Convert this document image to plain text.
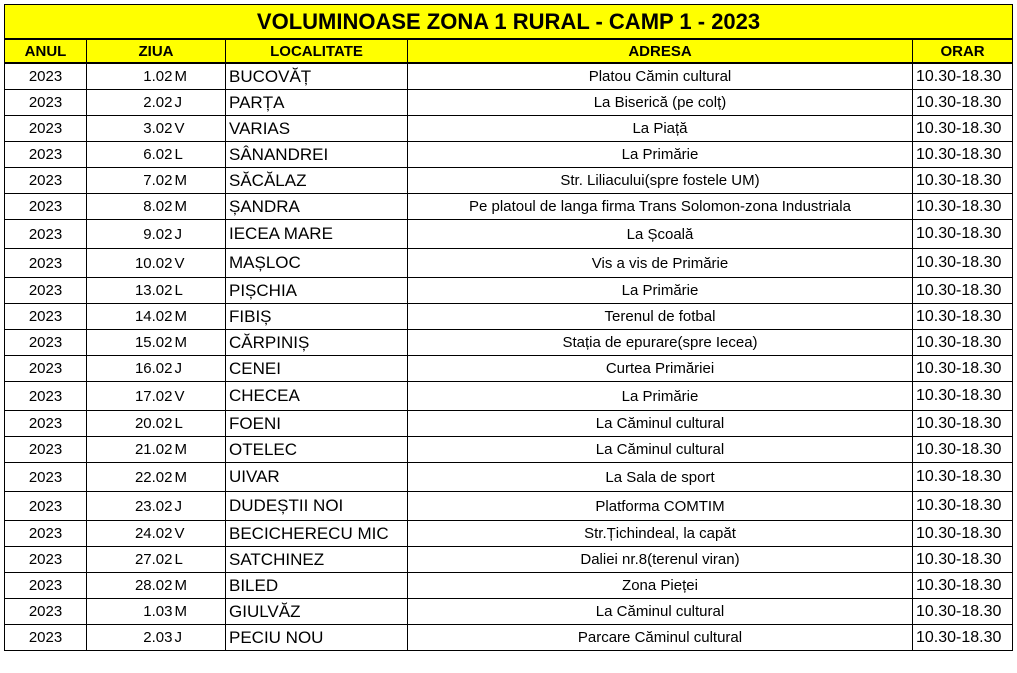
VOLUMINOASE ZONA 1 RURAL - CAMP 1 - 2023					
ANUL	ZIUA		LOCALITATE	ADRESA	ORAR
2023	1.02	M	BUCOVĂȚ	Platou Cămin cultural	10.30-18.30
2023	2.02	J	PARȚA	La Biserică (pe colț)	10.30-18.30
2023	3.02	V	VARIAS	La Piață	10.30-18.30
2023	6.02	L	SÂNANDREI	La Primărie	10.30-18.30
2023	7.02	M	SĂCĂLAZ	Str. Liliacului(spre fostele UM)	10.30-18.30
2023	8.02	M	ȘANDRA	Pe platoul de langa firma Trans Solomon-zona Industriala	10.30-18.30
2023	9.02	J	IECEA MARE	La Școală	10.30-18.30
2023	10.02	V	MAȘLOC	Vis a vis de Primărie	10.30-18.30
2023	13.02	L	PIȘCHIA	La Primărie	10.30-18.30
2023	14.02	M	FIBIȘ	Terenul de fotbal	10.30-18.30
2023	15.02	M	CĂRPINIȘ	Stația de epurare(spre Iecea)	10.30-18.30
2023	16.02	J	CENEI	Curtea Primăriei	10.30-18.30
2023	17.02	V	CHECEA	La Primărie	10.30-18.30
2023	20.02	L	FOENI	La Căminul cultural	10.30-18.30
2023	21.02	M	OTELEC	La Căminul cultural	10.30-18.30
2023	22.02	M	UIVAR	La Sala de sport	10.30-18.30
2023	23.02	J	DUDEȘTII NOI	Platforma COMTIM	10.30-18.30
2023	24.02	V	BECICHERECU MIC	Str.Țichindeal, la capăt	10.30-18.30
2023	27.02	L	SATCHINEZ	Daliei nr.8(terenul viran)	10.30-18.30
2023	28.02	M	BILED	Zona Pieței	10.30-18.30
2023	1.03	M	GIULVĂZ	La Căminul cultural	10.30-18.30
2023	2.03	J	PECIU NOU	Parcare Căminul cultural	10.30-18.30
